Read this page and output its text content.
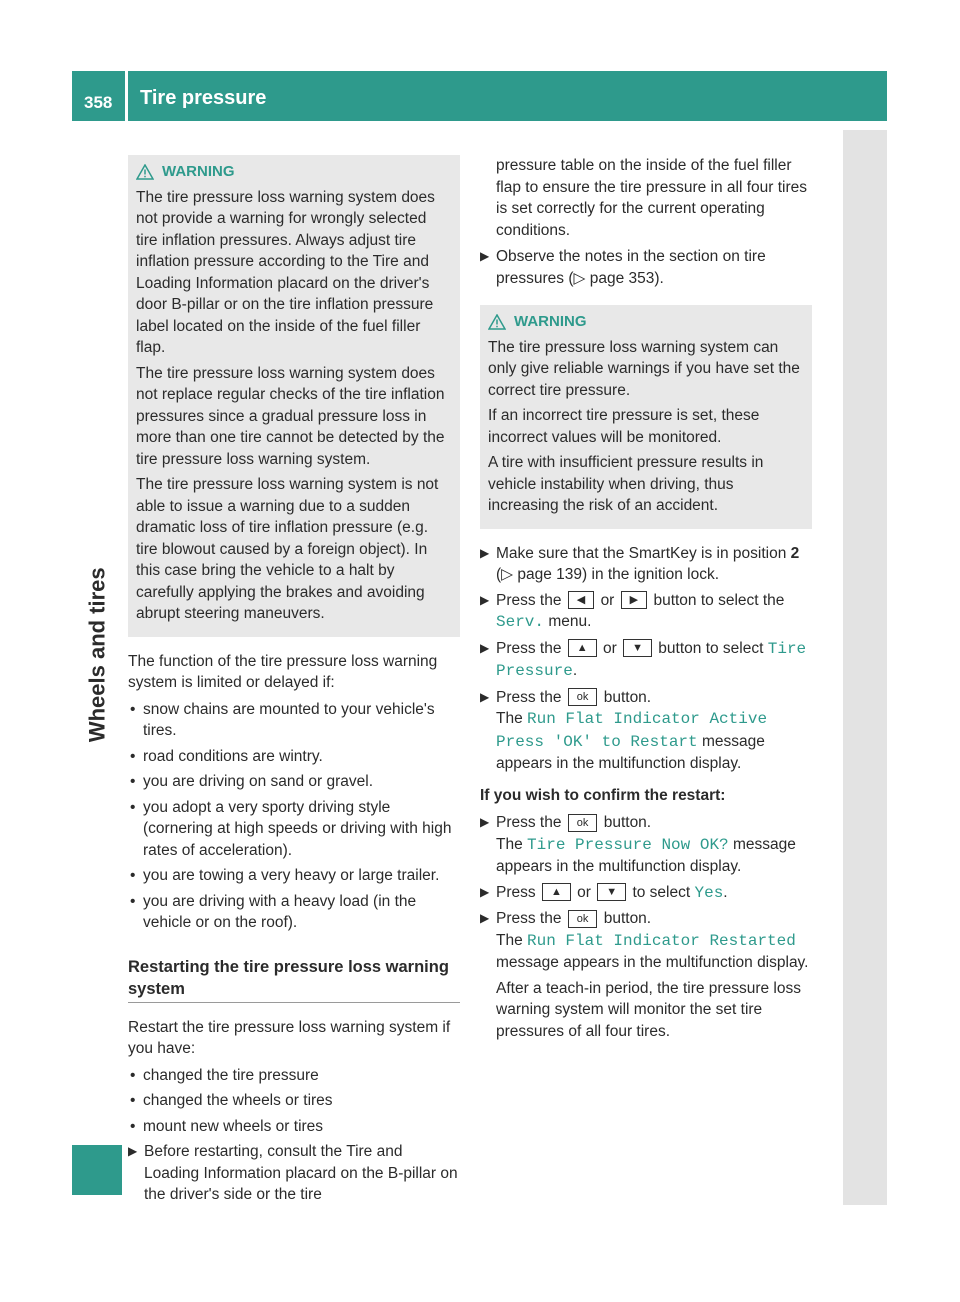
358 Tire pressure
Wheels and tires
WARNING

The tire pressure loss warning system does not provide a warning for wrongly selected tire inflation pressures. Always adjust tire inflation pressure according to the Tire and Loading Information placard on the driver's door B-pillar or on the tire inflation pressure label located on the inside of the fuel filler flap.

The tire pressure loss warning system does not replace regular checks of the tire inflation pressures since a gradual pressure loss in more than one tire cannot be detected by the tire pressure loss warning system.

The tire pressure loss warning system is not able to issue a warning due to a sudden dramatic loss of tire inflation pressure (e.g. tire blowout caused by a foreign object). In this case bring the vehicle to a halt by carefully applying the brakes and avoiding abrupt steering maneuvers.

The function of the tire pressure loss warning system is limited or delayed if:

• snow chains are mounted to your vehicle's tires.
• road conditions are wintry.
• you are driving on sand or gravel.
• you adopt a very sporty driving style (cornering at high speeds or driving with high rates of acceleration).
• you are towing a very heavy or large trailer.
• you are driving with a heavy load (in the vehicle or on the roof).
Restarting the tire pressure loss warning system

Restart the tire pressure loss warning system if you have:

• changed the tire pressure
• changed the wheels or tires
• mount new wheels or tires
▶ Before restarting, consult the Tire and Loading Information placard on the B-pillar on the driver's side or the tire

pressure table on the inside of the fuel filler flap to ensure the tire pressure in all four tires is set correctly for the current operating conditions.

▶ Observe the notes in the section on tire pressures (▷ page 353).

WARNING

The tire pressure loss warning system can only give reliable warnings if you have set the correct tire pressure.

If an incorrect tire pressure is set, these incorrect values will be monitored.

A tire with insufficient pressure results in vehicle instability when driving, thus increasing the risk of an accident.

▶ Make sure that the SmartKey is in position 2 (▷ page 139) in the ignition lock.

▶ Press the ◀ or ▶ button to select the Serv. menu.

▶ Press the ▲ or ▼ button to select Tire Pressure.

▶ Press the ok button.

The Run Flat Indicator Active
Press 'OK' to Restart message appears in the multifunction display.

If you wish to confirm the restart:
▶ Press the ok button.

The Tire Pressure Now OK? message appears in the multifunction display.

▶ Press ▲ or ▼ to select Yes.

▶ Press the ok button.

The Run Flat Indicator Restarted message appears in the multifunction display.

After a teach-in period, the tire pressure loss warning system will monitor the set tire pressures of all four tires.
